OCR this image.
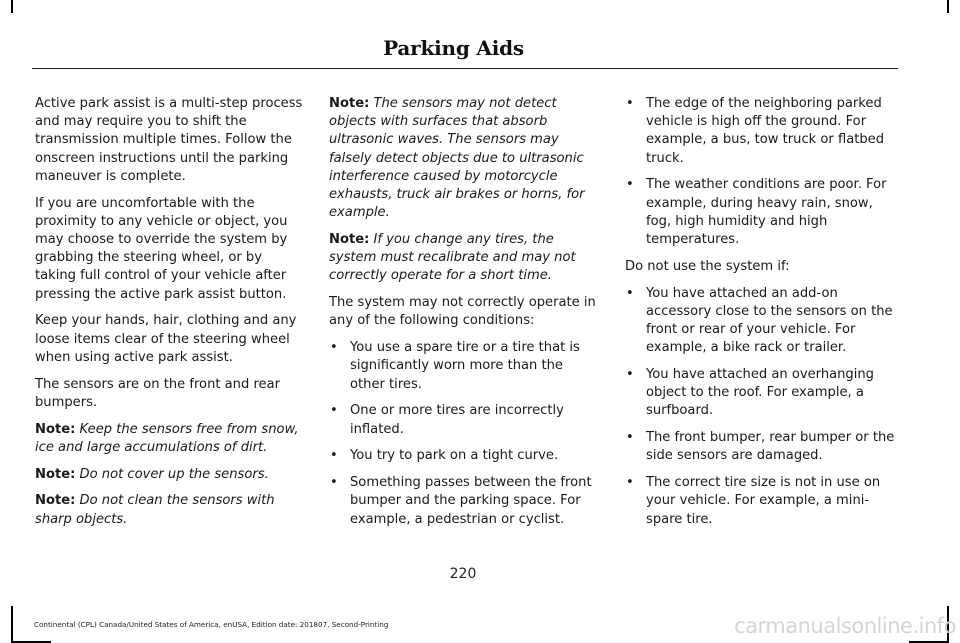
Parking Aids

Active park assist is a multi-step process and may require you to shift the transmission multiple times. Follow the onscreen instructions until the parking maneuver is complete.

If you are uncomfortable with the proximity to any vehicle or object, you may choose to override the system by grabbing the steering wheel, or by taking full control of your vehicle after pressing the active park assist button.

Keep your hands, hair, clothing and any loose items clear of the steering wheel when using active park assist.

The sensors are on the front and rear bumpers.

Note: Keep the sensors free from snow, ice and large accumulations of dirt.

Note: Do not cover up the sensors.

Note: Do not clean the sensors with sharp objects.

Note: The sensors may not detect objects with surfaces that absorb ultrasonic waves. The sensors may falsely detect objects due to ultrasonic interference caused by motorcycle exhausts, truck air brakes or horns, for example.

Note: If you change any tires, the system must recalibrate and may not correctly operate for a short time.

The system may not correctly operate in any of the following conditions:

• You use a spare tire or a tire that is significantly worn more than the other tires.
• One or more tires are incorrectly inflated.
• You try to park on a tight curve.
• Something passes between the front bumper and the parking space. For example, a pedestrian or cyclist.
• The edge of the neighboring parked vehicle is high off the ground. For example, a bus, tow truck or flatbed truck.
• The weather conditions are poor. For example, during heavy rain, snow, fog, high humidity and high temperatures.

Do not use the system if:

• You have attached an add-on accessory close to the sensors on the front or rear of your vehicle. For example, a bike rack or trailer.
• You have attached an overhanging object to the roof. For example, a surfboard.
• The front bumper, rear bumper or the side sensors are damaged.
• The correct tire size is not in use on your vehicle. For example, a mini-spare tire.
220
Continental (CPL) Canada/United States of America, enUSA, Edition date: 201807, Second-Printing	carmanualsonline.info
